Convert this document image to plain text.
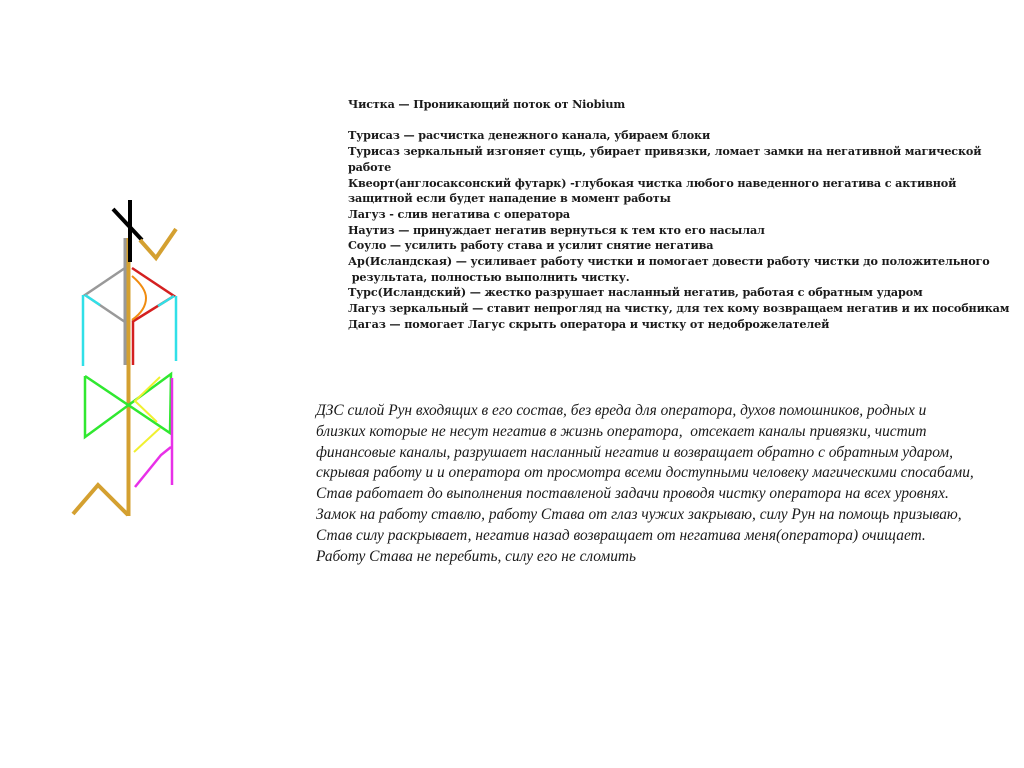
Чистка — Проникающий поток от Niobium
Турисаз — расчистка денежного канала, убираем блоки
Турисаз зеркальный изгоняет сущь, убирает привязки, ломает замки на негативной магической
работе
Квеорт(англосаксонский футарк) -глубокая чистка любого наведенного негатива с активной
защитной если будет нападение в момент работы
Лагуз - слив негатива с оператора
Наутиз — принуждает негатив вернуться к тем кто его насылал
Соуло — усилить работу става и усилит снятие негатива
Ар(Исландская) — усиливает работу чистки и помогает довести работу чистки до положительного
результата, полностью выполнить чистку.
Турс(Исландский) — жестко разрушает насланный негатив, работая с обратным ударом
Лагуз зеркальный — ставит непрогляд на чистку, для тех кому возвращаем негатив и их пособникам
Дагаз — помогает Лагус скрыть оператора и чистку от недоброжелателей
ДЗС силой Рун входящих в его состав, без вреда для оператора, духов помошников, родных и
близких которые не несут негатив в жизнь оператора,  отсекает каналы привязки, чистит
финансовые каналы, разрушает насланный негатив и возвращает обратно с обратным ударом,
скрывая работу и и оператора от просмотра всеми доступными человеку магическими спосабами,
Став работает до выполнения поставленой задачи проводя чистку оператора на всех уровнях.
Замок на работу ставлю, работу Става от глаз чужих закрываю, силу Рун на помощь призываю,
Став силу раскрывает, негатив назад возвращает от негатива меня(оператора) очищает.
Работу Става не перебить, силу его не сломить
